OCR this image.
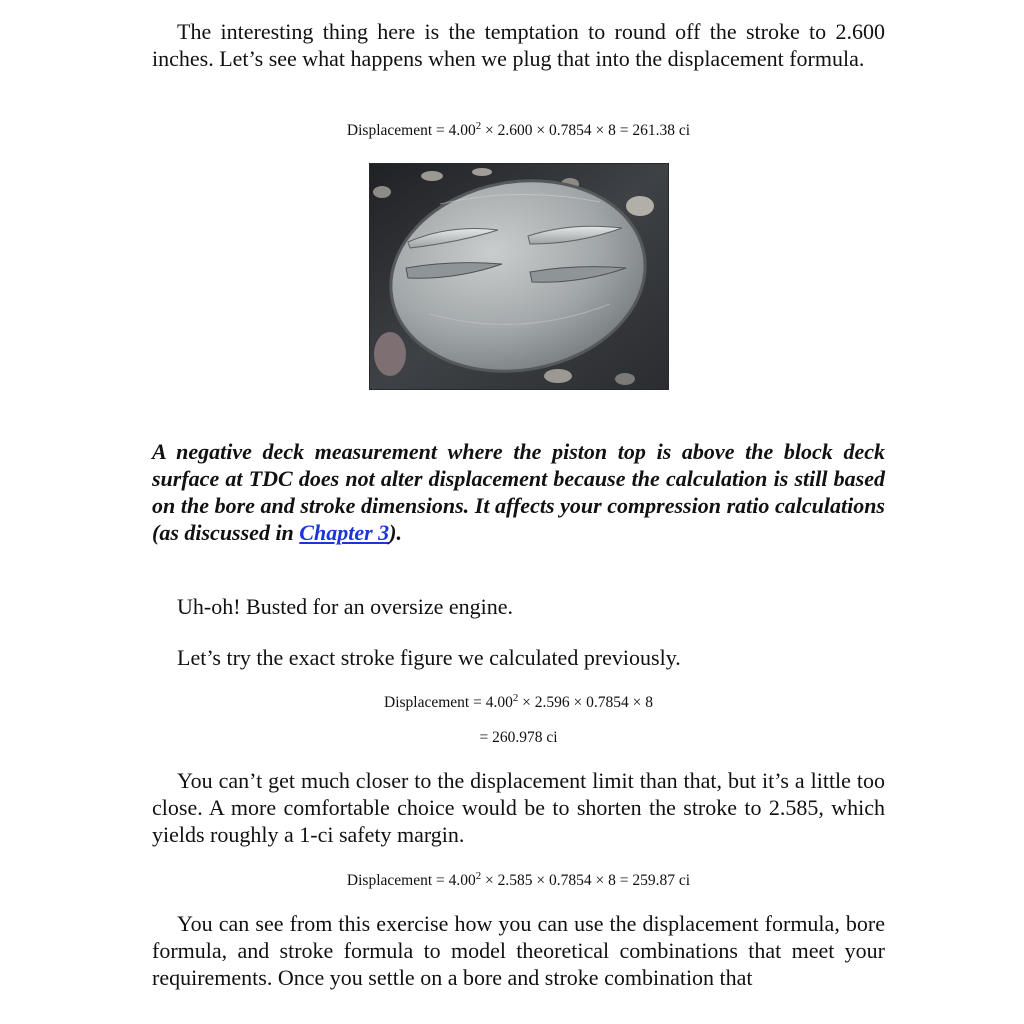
The interesting thing here is the temptation to round off the stroke to 2.600 inches. Let’s see what happens when we plug that into the displacement formula.

Displacement = $4.00^2 \times 2.600 \times 0.7854 \times 8 = 261.38$ ci

A negative deck measurement where the piston top is above the block deck surface at TDC does not alter displacement because the calculation is still based on the bore and stroke dimensions. It affects your compression ratio calculations (as discussed in Chapter 3).

Uh-oh! Busted for an oversize engine.

Let’s try the exact stroke figure we calculated previously.

Displacement = $4.00^2 \times 2.596 \times 0.7854 \times 8$

= 260.978 ci

You can’t get much closer to the displacement limit than that, but it’s a little too close. A more comfortable choice would be to shorten the stroke to 2.585, which yields roughly a 1-ci safety margin.

Displacement = $4.00^2 \times 2.585 \times 0.7854 \times 8 = 259.87$ ci

You can see from this exercise how you can use the displacement formula, bore formula, and stroke formula to model theoretical combinations that meet your requirements. Once you settle on a bore and stroke combination that
